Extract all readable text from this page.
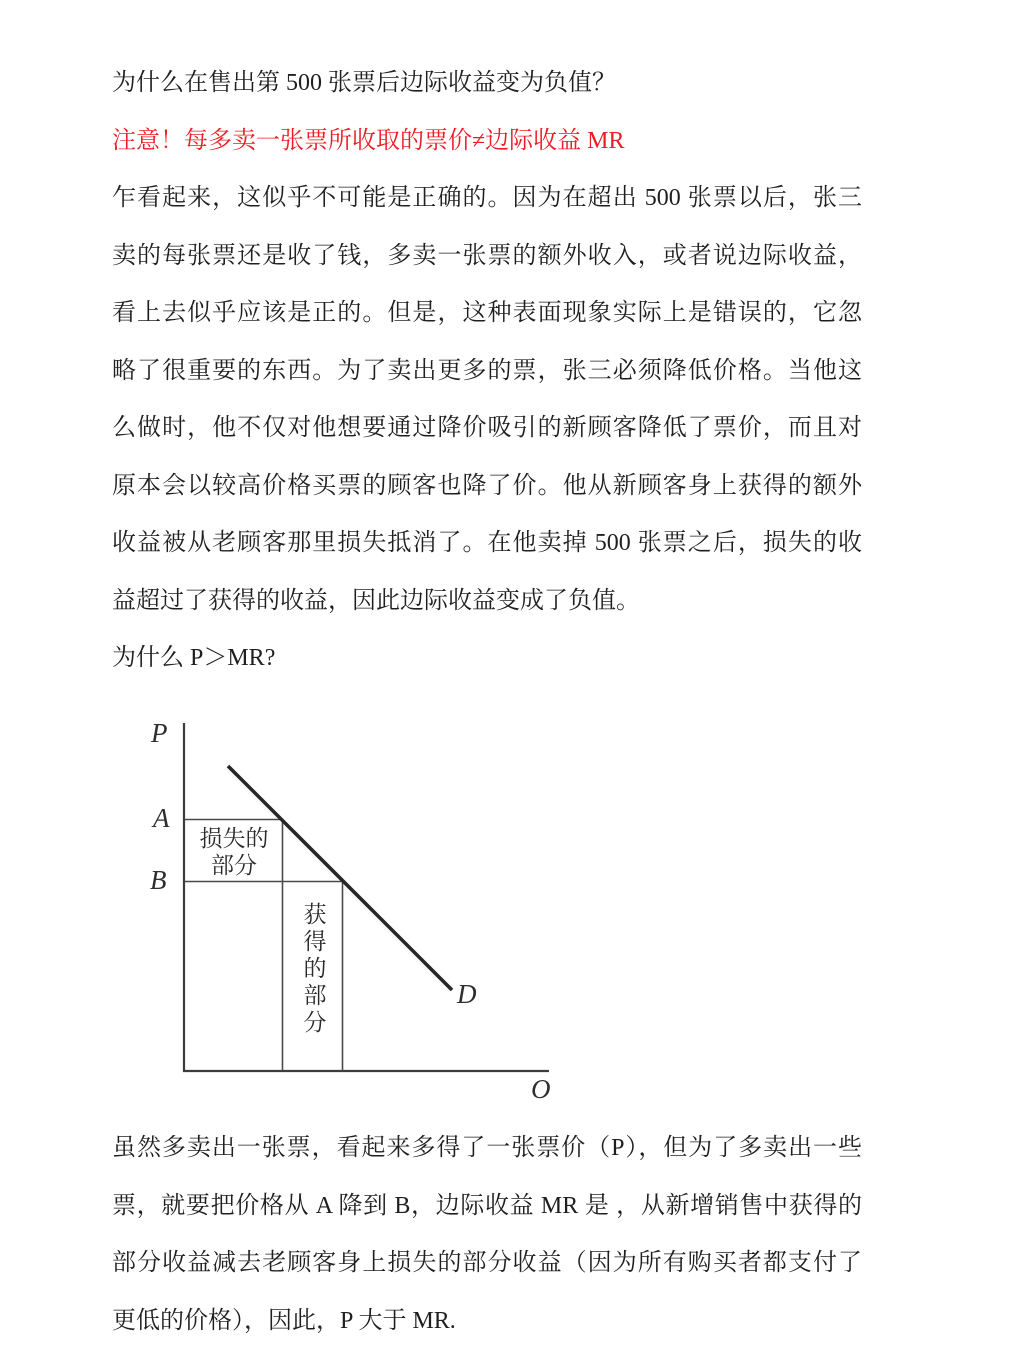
为什么在售出第 500 张票后边际收益变为负值？
注意！每多卖一张票所收取的票价≠边际收益 MR
乍看起来，这似乎不可能是正确的。因为在超出 500 张票以后，张三
卖的每张票还是收了钱，多卖一张票的额外收入，或者说边际收益，
看上去似乎应该是正的。但是，这种表面现象实际上是错误的，它忽
略了很重要的东西。为了卖出更多的票，张三必须降低价格。当他这
么做时，他不仅对他想要通过降价吸引的新顾客降低了票价，而且对
原本会以较高价格买票的顾客也降了价。他从新顾客身上获得的额外
收益被从老顾客那里损失抵消了。在他卖掉 500 张票之后，损失的收
益超过了获得的收益，因此边际收益变成了负值。
为什么 P＞MR?
P
A
B
D
O
损失的
部分
获得的部分
虽然多卖出一张票，看起来多得了一张票价（P），但为了多卖出一些
票，就要把价格从 A 降到 B，边际收益 MR 是 ，从新增销售中获得的
部分收益减去老顾客身上损失的部分收益（因为所有购买者都支付了
更低的价格），因此，P 大于 MR.
